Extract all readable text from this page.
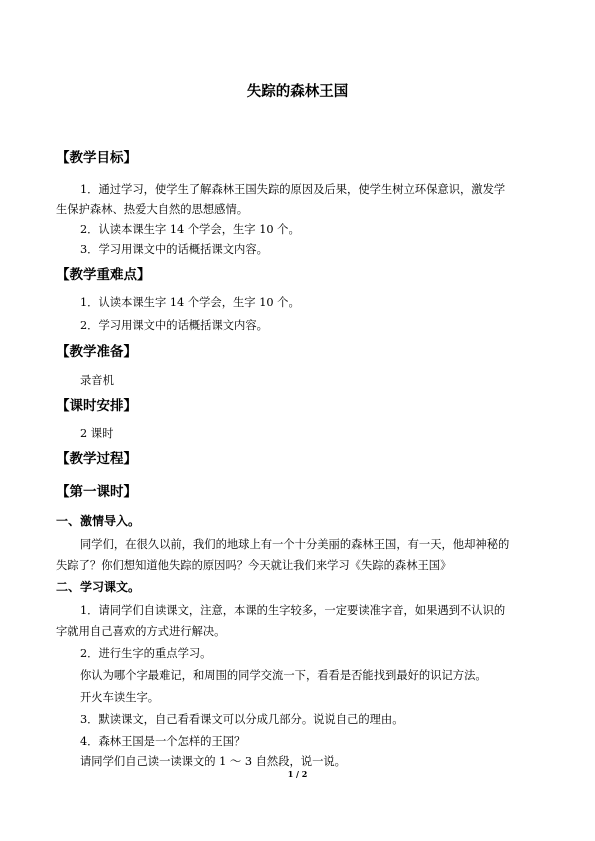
失踪的森林王国
【教学目标】
1．通过学习，使学生了解森林王国失踪的原因及后果，使学生树立环保意识，激发学
生保护森林、热爱大自然的思想感情。
2．认读本课生字 14 个学会，生字 10 个。
3．学习用课文中的话概括课文内容。
【教学重难点】
1．认读本课生字 14 个学会，生字 10 个。
2．学习用课文中的话概括课文内容。
【教学准备】
录音机
【课时安排】
2 课时
【教学过程】
【第一课时】
一、激情导入。
同学们，在很久以前，我们的地球上有一个十分美丽的森林王国，有一天，他却神秘的
失踪了？你们想知道他失踪的原因吗？今天就让我们来学习《失踪的森林王国》
二、学习课文。
1．请同学们自读课文，注意，本课的生字较多，一定要读准字音，如果遇到不认识的
字就用自己喜欢的方式进行解决。
2．进行生字的重点学习。
你认为哪个字最难记，和周围的同学交流一下，看看是否能找到最好的识记方法。
开火车读生字。
3．默读课文，自己看看课文可以分成几部分。说说自己的理由。
4．森林王国是一个怎样的王国？
请同学们自己读一读课文的 1 ～ 3 自然段，说一说。
1 / 2
